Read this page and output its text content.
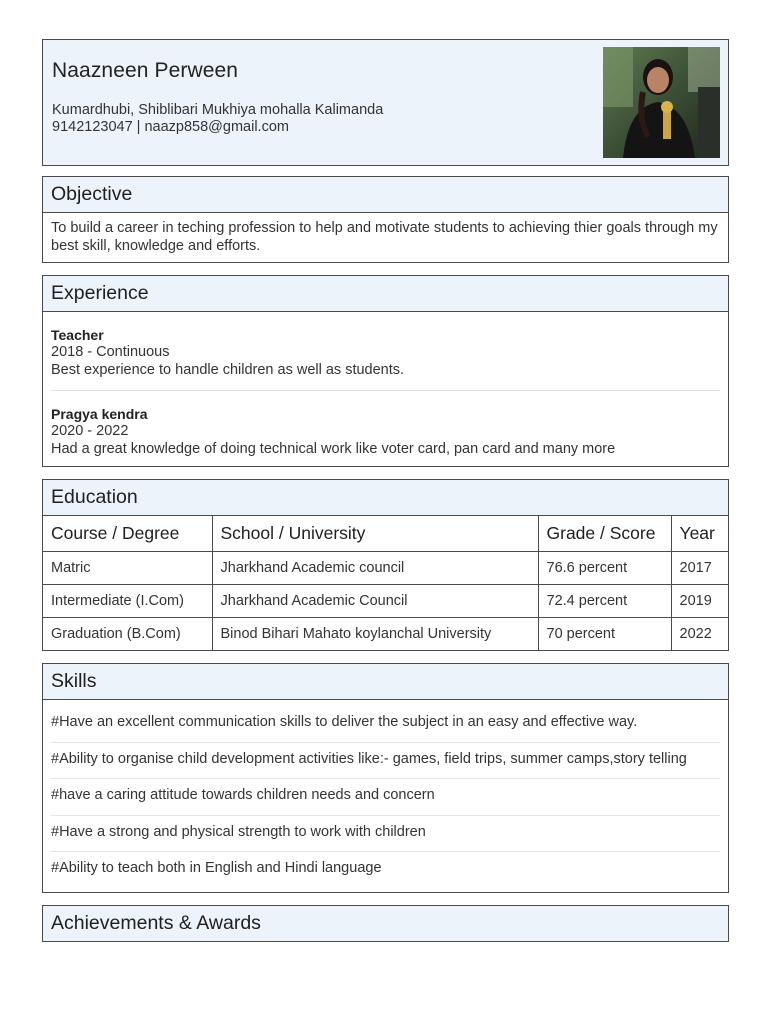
Naazneen Perween
Kumardhubi, Shiblibari Mukhiya mohalla Kalimanda
9142123047 | naazp858@gmail.com
Objective
To build a career in teching profession to help and motivate students to achieving thier goals through my best skill, knowledge and efforts.
Experience
Teacher
2018 - Continuous
Best experience to handle children as well as students.
Pragya kendra
2020 - 2022
Had a great knowledge of doing technical work like voter card, pan card and many more
Education
Course / Degree	School / University	Grade / Score	Year
Matric	Jharkhand Academic council	76.6 percent	2017
Intermediate (I.Com)	Jharkhand Academic Council	72.4 percent	2019
Graduation (B.Com)	Binod Bihari Mahato koylanchal University	70 percent	2022
Skills
#Have an excellent communication skills to deliver the subject in an easy and effective way.
#Ability to organise child development activities like:- games, field trips, summer camps,story telling
#have a caring attitude towards children needs and concern
#Have a strong and physical strength to work with children
#Ability to teach both in English and Hindi language
Achievements & Awards
